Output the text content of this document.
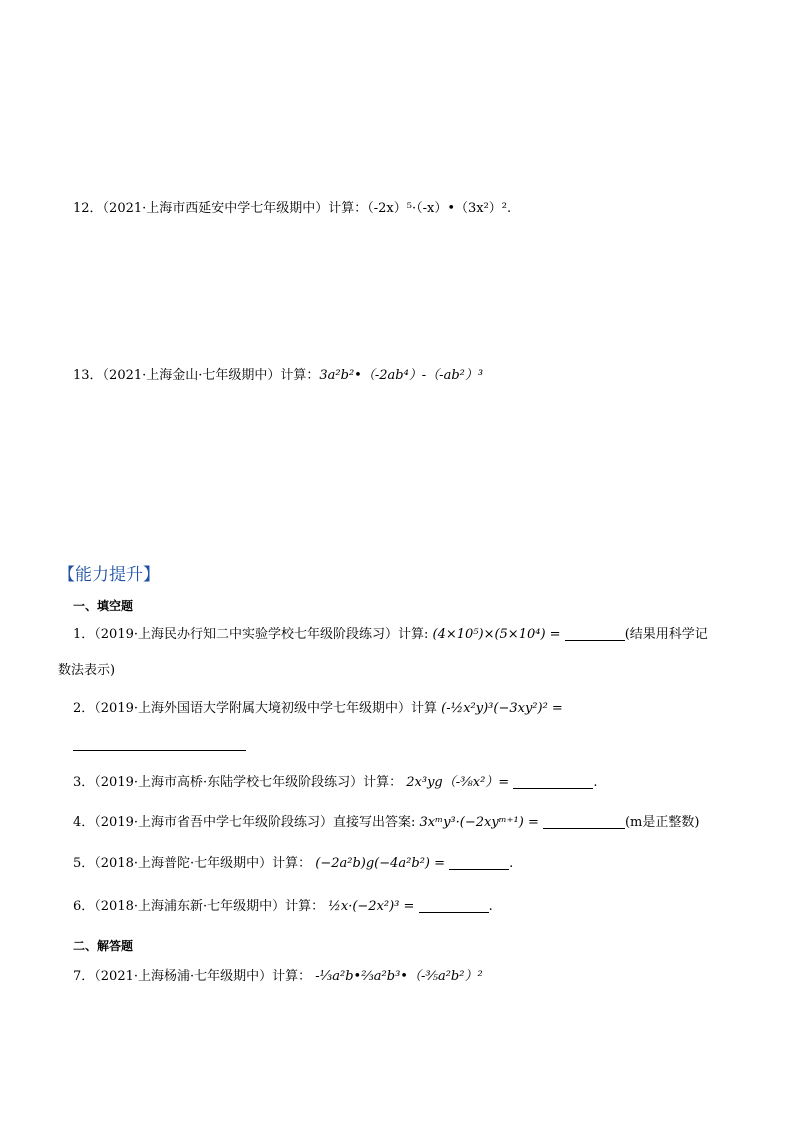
12．（2021·上海市西延安中学七年级期中）计算：（-2x）⁵·（-x）•（3x²）².
13．（2021·上海金山·七年级期中）计算：3a²b²•（-2ab⁴）-（-ab²）³
【能力提升】
一、填空题
1．（2019·上海民办行知二中实验学校七年级阶段练习）计算: (4×10⁵)×(5×10⁴) =	(结果用科学记
数法表示)
2．（2019·上海外国语大学附属大境初级中学七年级期中）计算 (-½x²y)³(−3xy²)² =
3．（2019·上海市高桥·东陆学校七年级阶段练习）计算： 2x³yg（-⅜x²）=	.
4．（2019·上海市省吾中学七年级阶段练习）直接写出答案: 3xᵐy³·(−2xyᵐ⁺¹) =	(m是正整数)
5．（2018·上海普陀·七年级期中）计算： (−2a²b)g(−4a²b²) =	.
6．（2018·上海浦东新·七年级期中）计算： ½x·(−2x²)³ =	.
二、解答题
7．（2021·上海杨浦·七年级期中）计算： -⅓a²b•⅔a²b³•（-⅗a²b²）²
